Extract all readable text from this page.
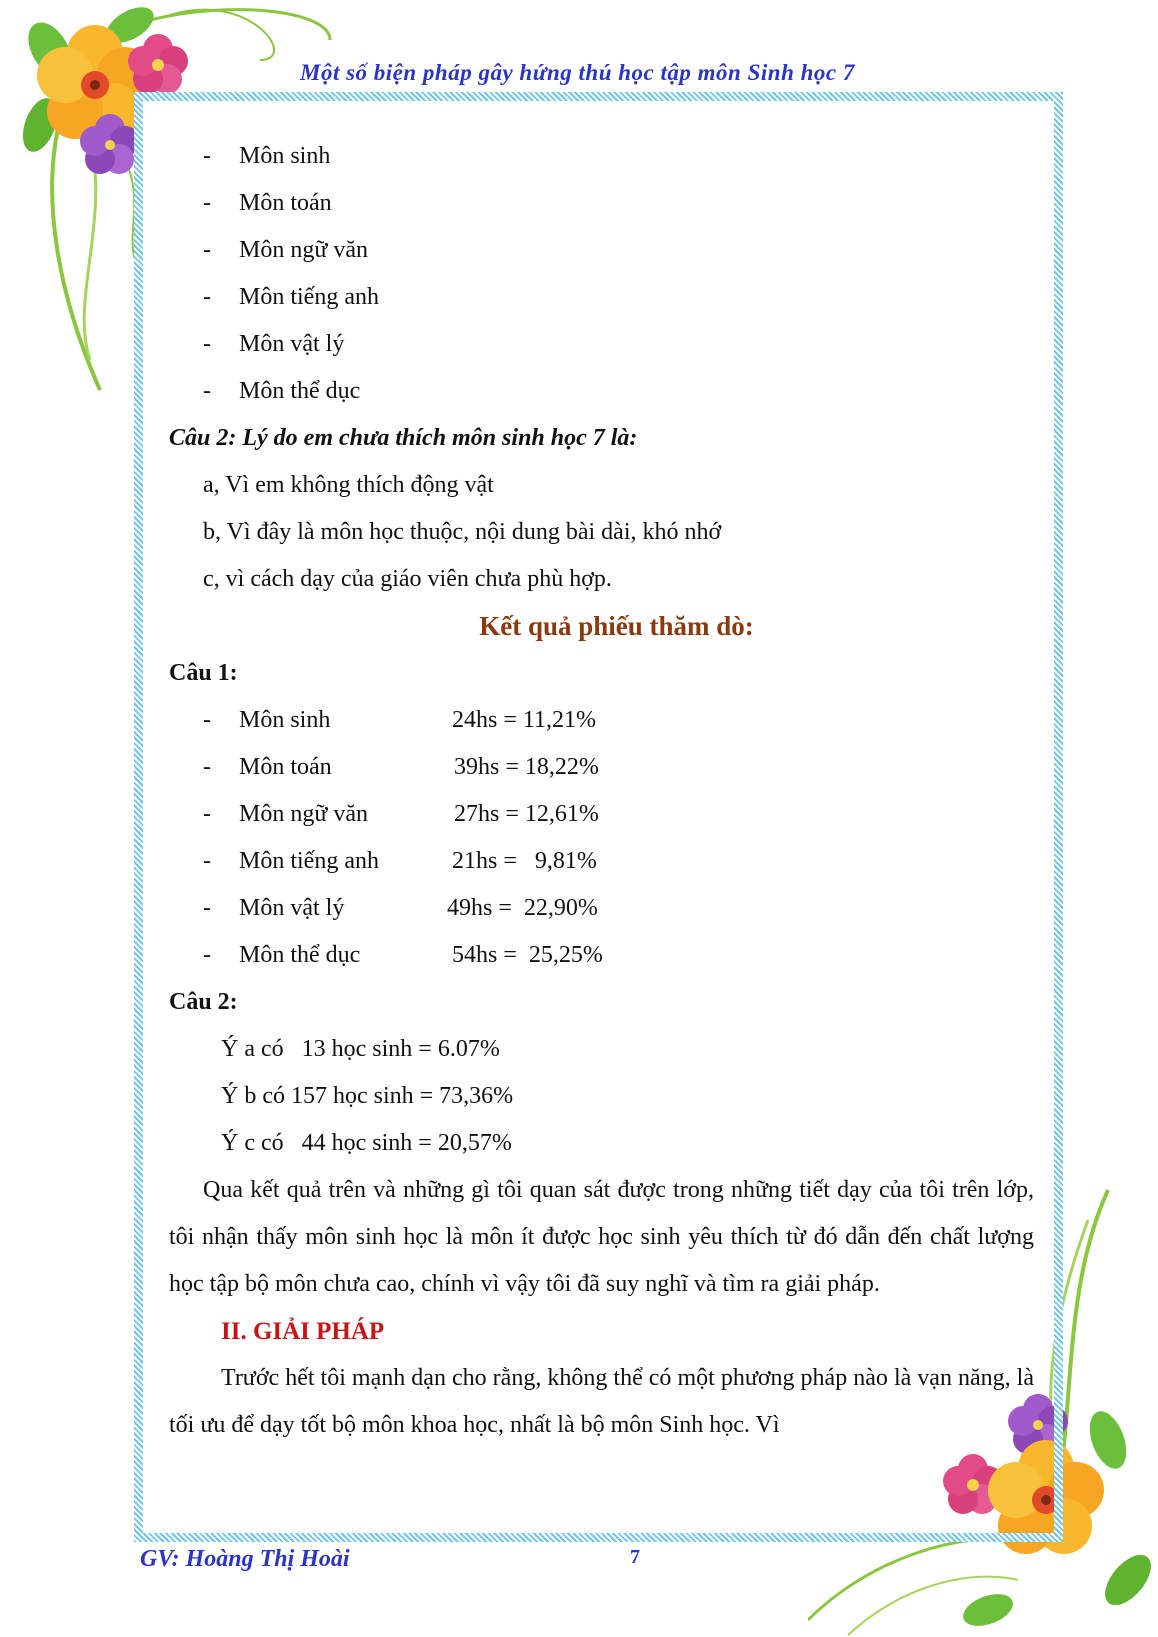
Một số biện pháp gây hứng thú học tập môn Sinh học 7
- Môn sinh
- Môn toán
- Môn ngữ văn
- Môn tiếng anh
- Môn vật lý
- Môn thể dục
Câu 2: Lý do em chưa thích môn sinh học 7 là:
a, Vì em không thích động vật
b, Vì đây là môn học thuộc, nội dung bài dài, khó nhớ
c, vì cách dạy của giáo viên chưa phù hợp.
Kết quả phiếu thăm dò:
Câu 1:
- Môn sinh	24hs = 11,21%
- Môn toán	39hs = 18,22%
- Môn ngữ văn	27hs = 12,61%
- Môn tiếng anh	21hs =   9,81%
- Môn vật lý	49hs =  22,90%
- Môn thể dục	54hs =  25,25%
Câu 2:
Ý a có   13 học sinh = 6.07%
Ý b có 157 học sinh = 73,36%
Ý c có   44 học sinh = 20,57%

Qua kết quả trên và những gì tôi quan sát được trong những tiết dạy của tôi trên lớp, tôi nhận thấy môn sinh học là môn ít được học sinh yêu thích từ đó dẫn đến chất lượng học tập bộ môn chưa cao, chính vì vậy tôi đã suy nghĩ và tìm ra giải pháp.

II. GIẢI PHÁP

Trước hết tôi mạnh dạn cho rằng, không thể có một phương pháp nào là vạn năng, là tối ưu để dạy tốt bộ môn khoa học, nhất là bộ môn Sinh học. Vì

GV: Hoàng Thị Hoài	7
